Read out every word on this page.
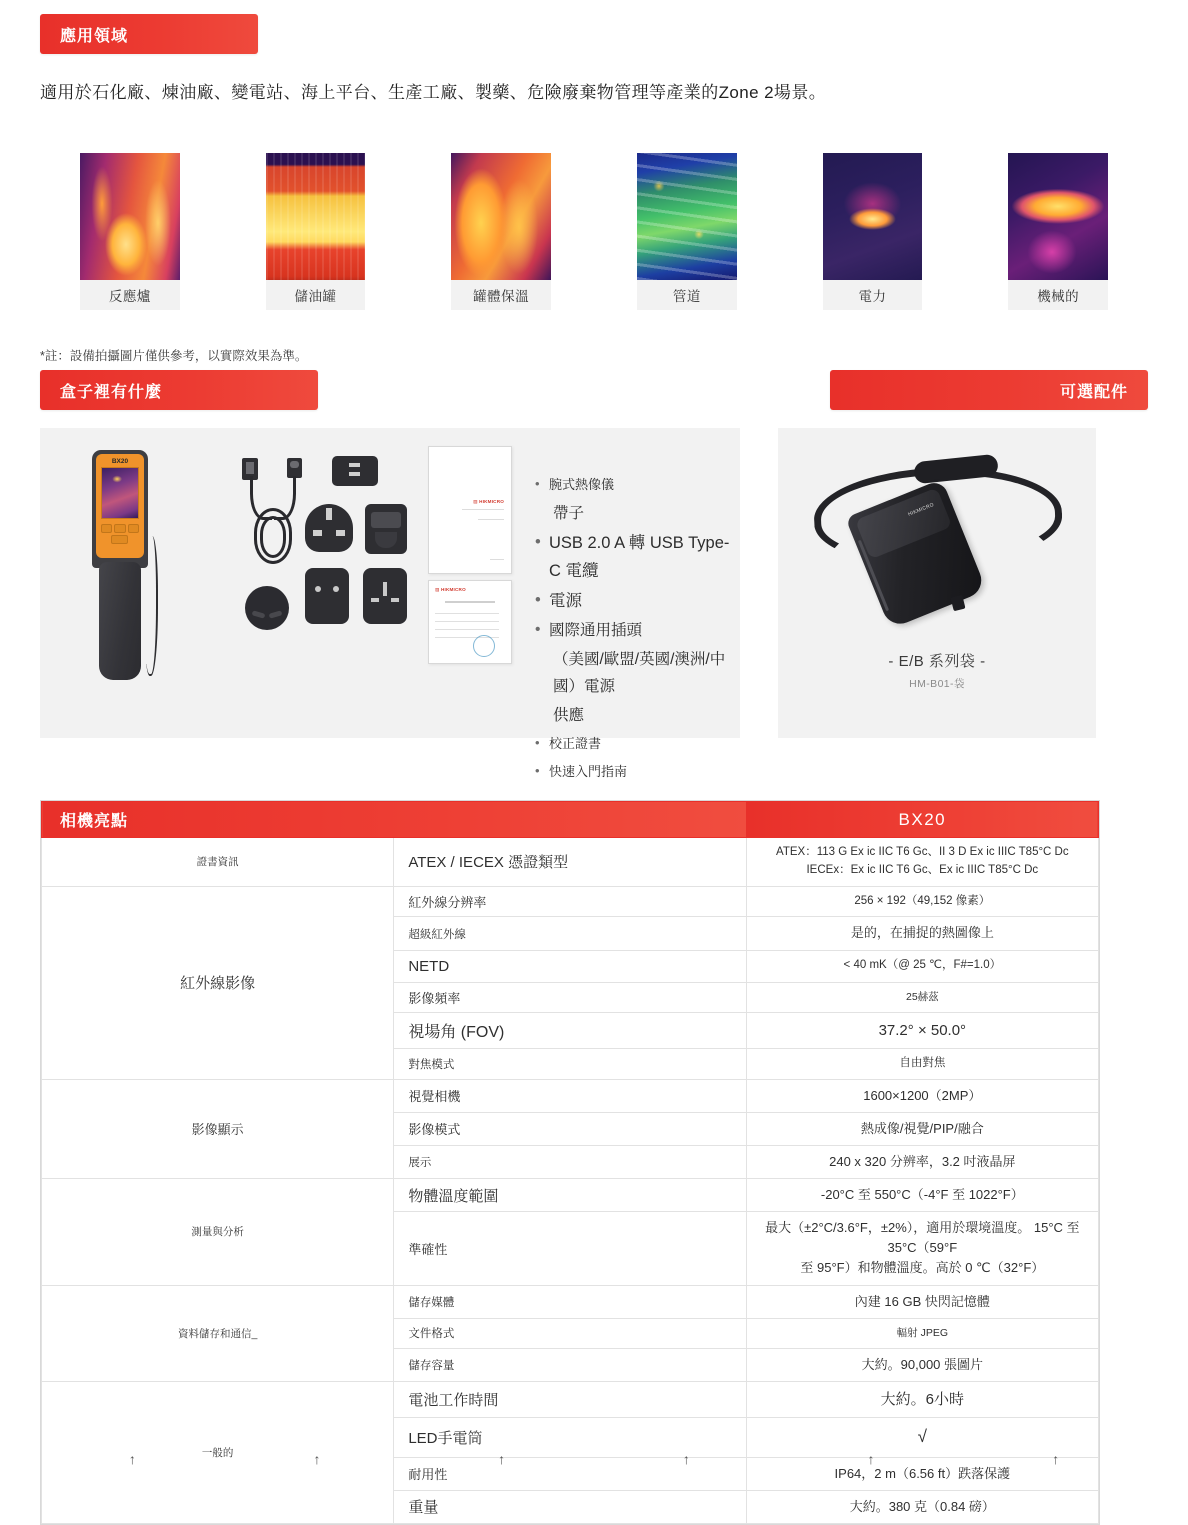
應用領域

適用於石化廠、煉油廠、變電站、海上平台、生產工廠、製藥、危險廢棄物管理等產業的Zone 2場景。

反應爐	儲油罐	罐體保溫	管道	電力	機械的

*註：設備拍攝圖片僅供參考，以實際效果為準。

盒子裡有什麼	可選配件
BX20
▨ HIKMICRO
▨ HIKMICRO
• 腕式熱像儀
帶子
• USB 2.0 A 轉 USB Type-C 電纜
• 電源
• 國際通用插頭
（美國/歐盟/英國/澳洲/中國）電源
供應
• 校正證書
• 快速入門指南
HIKMICRO
- E/B 系列袋 -
HM-B01-袋
相機亮點		BX20
證書資訊	ATEX / IECEX 憑證類型	ATEX：113 G Ex ic IIC T6 Gc、II 3 D Ex ic IIIC T85°C Dc
IECEx：Ex ic IIC T6 Gc、Ex ic IIIC T85°C Dc
紅外線影像	紅外線分辨率	256 × 192（49,152 像素）
	超級紅外線	是的，在捕捉的熱圖像上
	NETD	< 40 mK（@ 25 ℃，F#=1.0）
	影像頻率	25赫茲
	視場角 (FOV)	37.2° × 50.0°
	對焦模式	自由對焦
影像顯示	視覺相機	1600×1200（2MP）
	影像模式	熱成像/視覺/PIP/融合
	展示	240 x 320 分辨率，3.2 吋液晶屏
測量與分析	物體溫度範圍	-20°C 至 550°C（-4°F 至 1022°F）
	準確性	最大（±2°C/3.6°F，±2%），適用於環境溫度。 15°C 至 35°C（59°F
至 95°F）和物體溫度。高於 0 ℃（32°F）
資料儲存和通信_	儲存媒體	內建 16 GB 快閃記憶體
	文件格式	輻射 JPEG
	儲存容量	大約。90,000 張圖片
一般的	電池工作時間	大約。6小時
	LED手電筒	√
	耐用性	IP64，2 m（6.56 ft）跌落保護
	重量	大約。380 克（0.84 磅）
↑	↑	↑	↑	↑	↑
